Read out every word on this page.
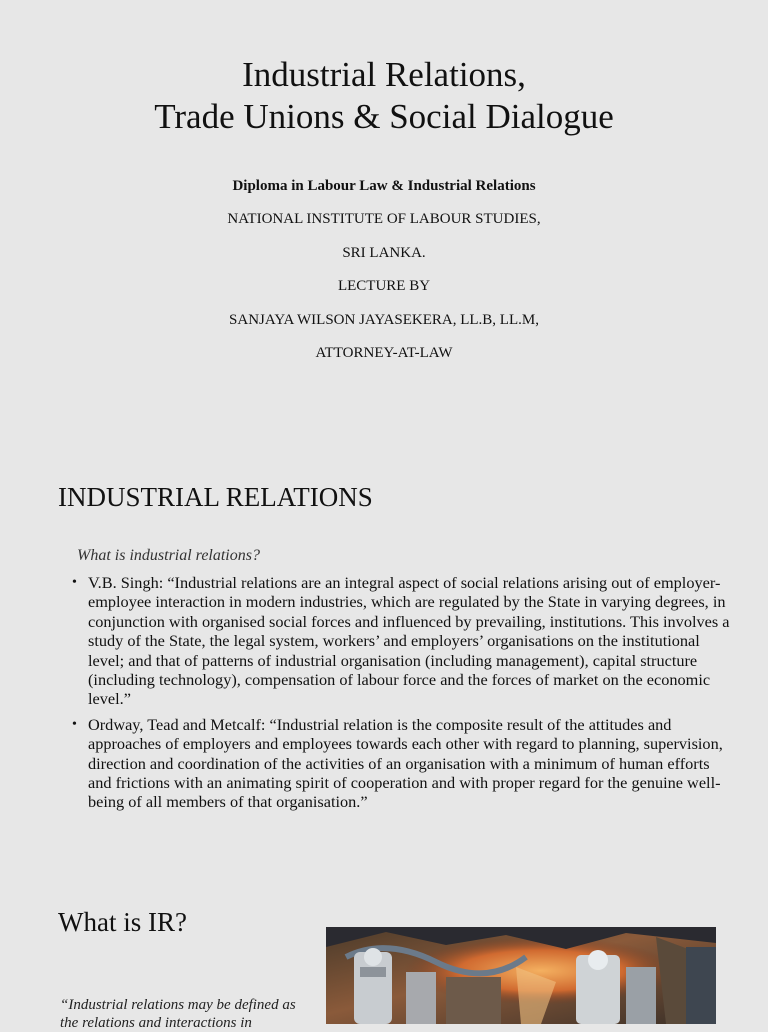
Industrial Relations,
Trade Unions & Social Dialogue
Diploma in Labour Law & Industrial Relations
NATIONAL INSTITUTE OF LABOUR STUDIES,
SRI LANKA.
LECTURE BY
SANJAYA WILSON JAYASEKERA, LL.B, LL.M,
ATTORNEY-AT-LAW
INDUSTRIAL RELATIONS
What is industrial relations?
• V.B. Singh: “Industrial relations are an integral aspect of social relations arising out of employer- employee interaction in modern industries, which are regulated by the State in varying degrees, in conjunction with organised social forces and influenced by prevailing, institutions. This involves a study of the State, the legal system, workers’ and employers’ organisations on the institutional level; and that of patterns of industrial organisation (including management), capital structure (including technology), compensation of labour force and the forces of market on the economic level.”
• Ordway, Tead and Metcalf: “Industrial relation is the composite result of the attitudes and approaches of employers and employees towards each other with regard to planning, supervision, direction and coordination of the activities of an organisation with a minimum of human efforts and frictions with an animating spirit of cooperation and with proper regard for the genuine well-being of all members of that organisation.”
What is IR?
“Industrial relations may be defined as the relations and interactions in
